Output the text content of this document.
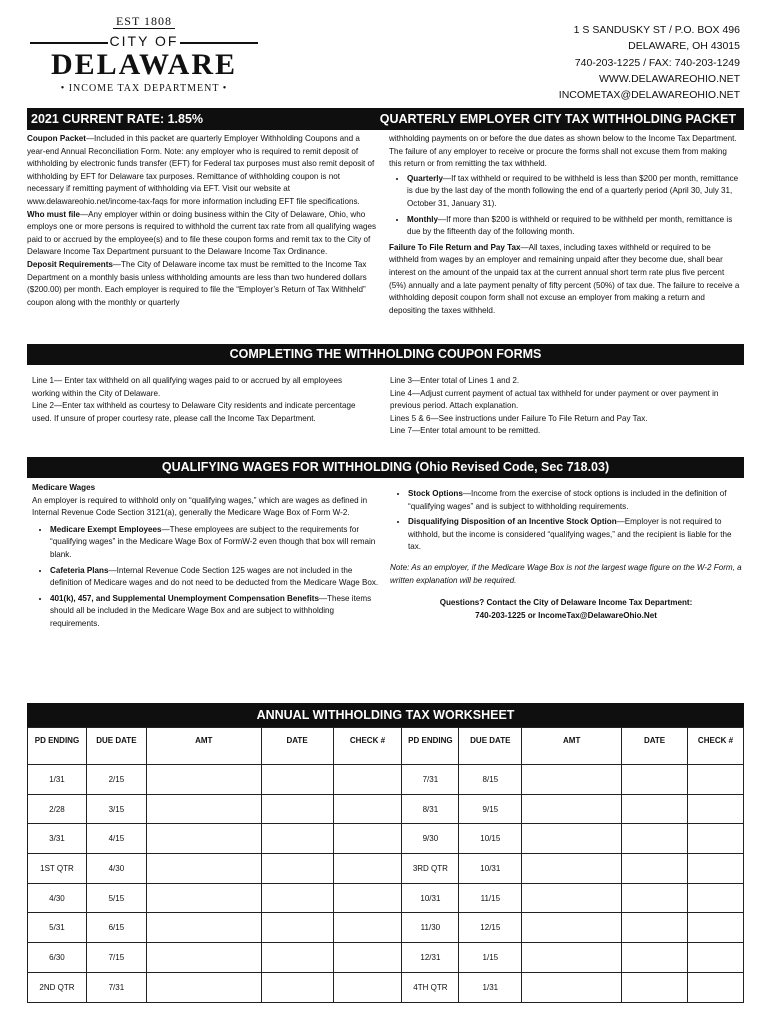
EST 1808
CITY OF
DELAWARE
• INCOME TAX DEPARTMENT •
1 S SANDUSKY ST / P.O. BOX 496
DELAWARE, OH 43015
740-203-1225 / FAX: 740-203-1249
WWW.DELAWAREOHIO.NET
INCOMETAX@DELAWAREOHIO.NET
2021 CURRENT RATE: 1.85%	QUARTERLY EMPLOYER CITY TAX WITHHOLDING PACKET

Coupon Packet—Included in this packet are quarterly Employer Withholding Coupons and a year-end Annual Reconciliation Form. Note: any employer who is required to remit deposit of withholding by electronic funds transfer (EFT) for Federal tax purposes must also remit deposit of withholding by EFT for Delaware tax purposes. Remittance of withholding coupon is not necessary if remitting payment of withholding via EFT. Visit our website at www.delawareohio.net/income-tax-faqs for more information including EFT file specifications.

Who must file—Any employer within or doing business within the City of Delaware, Ohio, who employs one or more persons is required to withhold the current tax rate from all qualifying wages paid to or accrued by the employee(s) and to file these coupon forms and remit tax to the City of Delaware Income Tax Department pursuant to the Delaware Income Tax Ordinance.

Deposit Requirements—The City of Delaware income tax must be remitted to the Income Tax Department on a monthly basis unless withholding amounts are less than two hundered dollars ($200.00) per month. Each employer is required to file the “Employer’s Return of Tax Withheld” coupon along with the monthly or quarterly

withholding payments on or before the due dates as shown below to the Income Tax Department. The failure of any employer to receive or procure the forms shall not excuse them from making this return or from remitting the tax withheld.

• Quarterly—If tax withheld or required to be withheld is less than $200 per month, remittance is due by the last day of the month following the end of a quarterly period (April 30, July 31, October 31, January 31).
• Monthly—If more than $200 is withheld or required to be withheld per month, remittance is due by the fifteenth day of the following month.

Failure To File Return and Pay Tax—All taxes, including taxes withheld or required to be withheld from wages by an employer and remaining unpaid after they become due, shall bear interest on the amount of the unpaid tax at the current annual short term rate plus five percent (5%) annually and a late payment penalty of fifty percent (50%) of tax due. The failure to receive a withholding deposit coupon form shall not excuse an employer from making a return and depositing the taxes withheld.

COMPLETING THE WITHHOLDING COUPON FORMS

Line 1— Enter tax withheld on all qualifying wages paid to or accrued by all employees working within the City of Delaware.

Line 2—Enter tax withheld as courtesy to Delaware City residents and indicate percentage used. If unsure of proper courtesy rate, please call the Income Tax Department.

Line 3—Enter total of Lines 1 and 2.

Line 4—Adjust current payment of actual tax withheld for under payment or over payment in previous period. Attach explanation.

Lines 5 & 6—See instructions under Failure To File Return and Pay Tax.

Line 7—Enter total amount to be remitted.

QUALIFYING WAGES FOR WITHHOLDING (Ohio Revised Code, Sec 718.03)

Medicare Wages

An employer is required to withhold only on “qualifying wages,” which are wages as defined in Internal Revenue Code Section 3121(a), generally the Medicare Wage Box of Form W-2.

• Medicare Exempt Employees—These employees are subject to the requirements for “qualifying wages” in the Medicare Wage Box of FormW-2 even though that box will remain blank.
• Cafeteria Plans—Internal Revenue Code Section 125 wages are not included in the definition of Medicare wages and do not need to be deducted from the Medicare Wage Box.
• 401(k), 457, and Supplemental Unemployment Compensation Benefits—These items should all be included in the Medicare Wage Box and are subject to withholding requirements.
• Stock Options—Income from the exercise of stock options is included in the definition of “qualifying wages” and is subject to withholding requirements.
• Disqualifying Disposition of an Incentive Stock Option—Employer is not required to withhold, but the income is considered “qualifying wages,” and the recipient is liable for the tax.

Note: As an employer, if the Medicare Wage Box is not the largest wage figure on the W-2 Form, a written explanation will be required.

Questions? Contact the City of Delaware Income Tax Department:

740-203-1225 or IncomeTax@DelawareOhio.Net

ANNUAL WITHHOLDING TAX WORKSHEET
PD ENDING	DUE DATE	AMT	DATE	CHECK #	PD ENDING	DUE DATE	AMT	DATE	CHECK #
1/31	2/15				7/31	8/15			
2/28	3/15				8/31	9/15			
3/31	4/15				9/30	10/15			
1ST QTR	4/30				3RD QTR	10/31			
4/30	5/15				10/31	11/15			
5/31	6/15				11/30	12/15			
6/30	7/15				12/31	1/15			
2ND QTR	7/31				4TH QTR	1/31			
